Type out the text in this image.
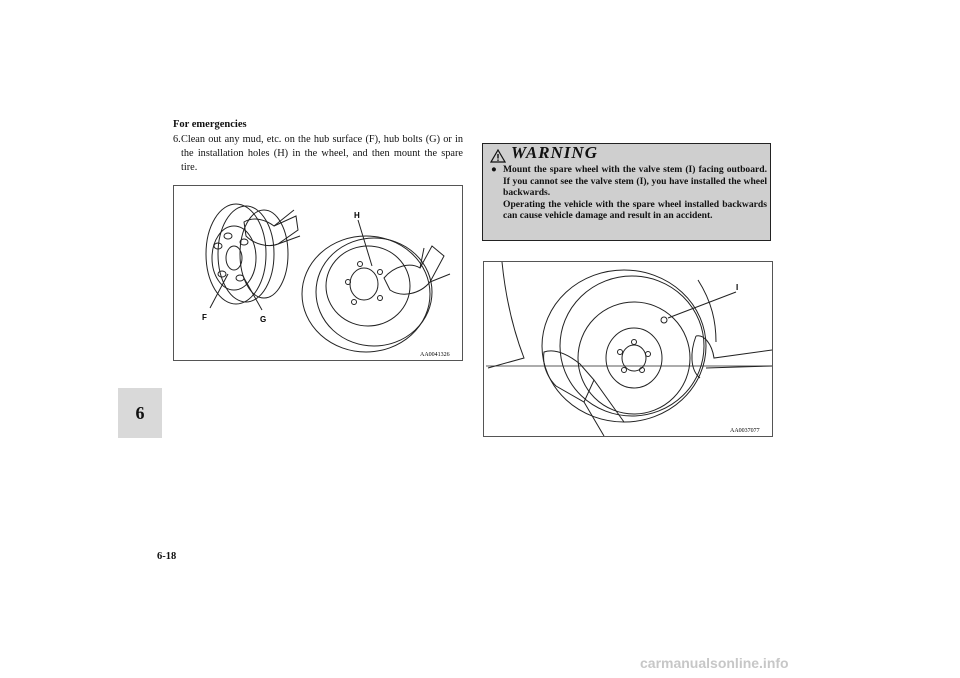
For emergencies
6
6. Clean out any mud, etc. on the hub surface (F), hub bolts (G) or in the installation holes (H) in the wheel, and then mount the spare tire.
F	G
H
AA0041326
WARNING
● Mount the spare wheel with the valve stem (I) facing outboard. If you cannot see the valve stem (I), you have installed the wheel backwards.
Operating the vehicle with the spare wheel installed backwards can cause vehicle damage and result in an accident.
I
AA0037077
6-18
carmanualsonline.info
